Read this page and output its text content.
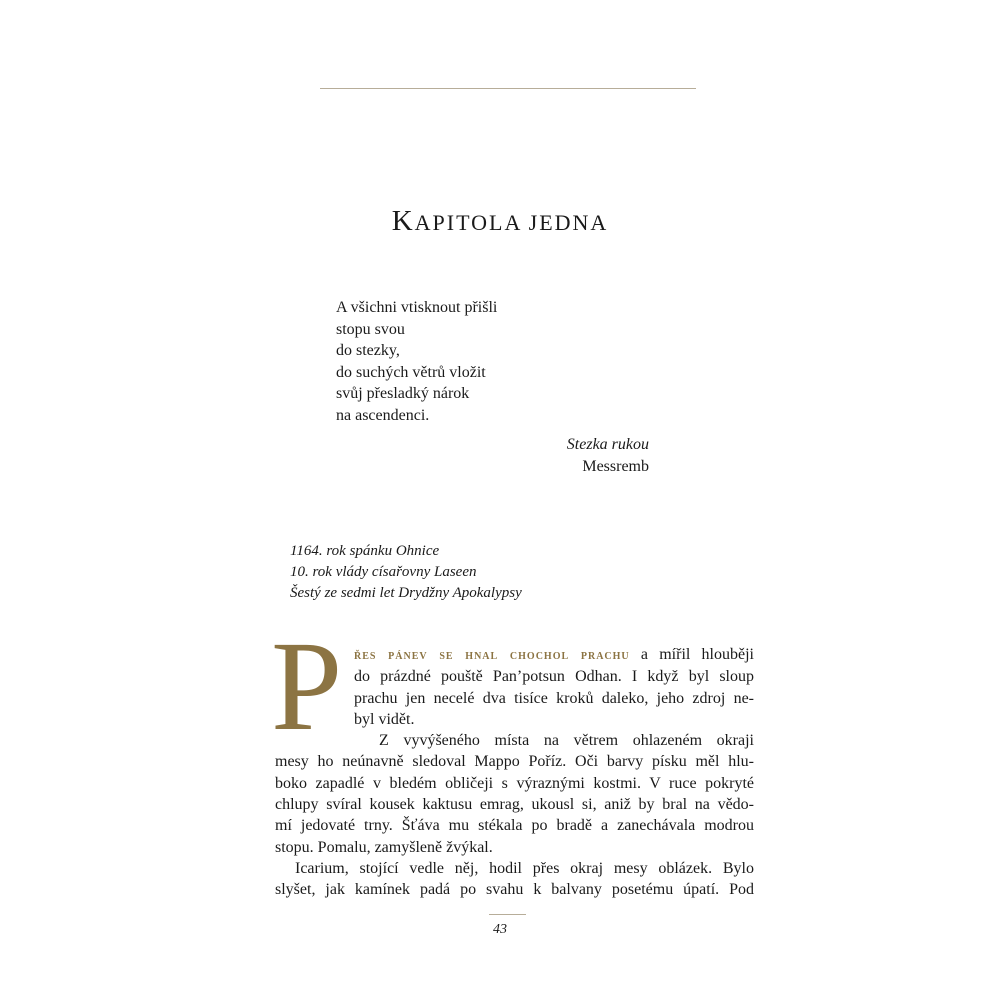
KAPITOLA JEDNA
A všichni vtisknout přišli
stopu svou
do stezky,
do suchých větrů vložit
svůj přesladký nárok
na ascendenci.
Stezka rukou
Messremb
1164. rok spánku Ohnice
10. rok vlády císařovny Laseen
Šestý ze sedmi let Drydžny Apokalypsy
P řes pánev se hnal chochol prachu a mířil hlouběji
do prázdné pouště Pan’potsun Odhan. I když byl sloup
prachu jen necelé dva tisíce kroků daleko, jeho zdroj ne-
byl vidět.
Z vyvýšeného místa na větrem ohlazeném okraji
mesy ho neúnavně sledoval Mappo Poříz. Oči barvy písku měl hlu-
boko zapadlé v bledém obličeji s výraznými kostmi. V ruce pokryté
chlupy svíral kousek kaktusu emrag, ukousl si, aniž by bral na vědo-
mí jedovaté trny. Šťáva mu stékala po bradě a zanechávala modrou
stopu. Pomalu, zamyšleně žvýkal.
Icarium, stojící vedle něj, hodil přes okraj mesy oblázek. Bylo
slyšet, jak kamínek padá po svahu k balvany posetému úpatí. Pod
43
